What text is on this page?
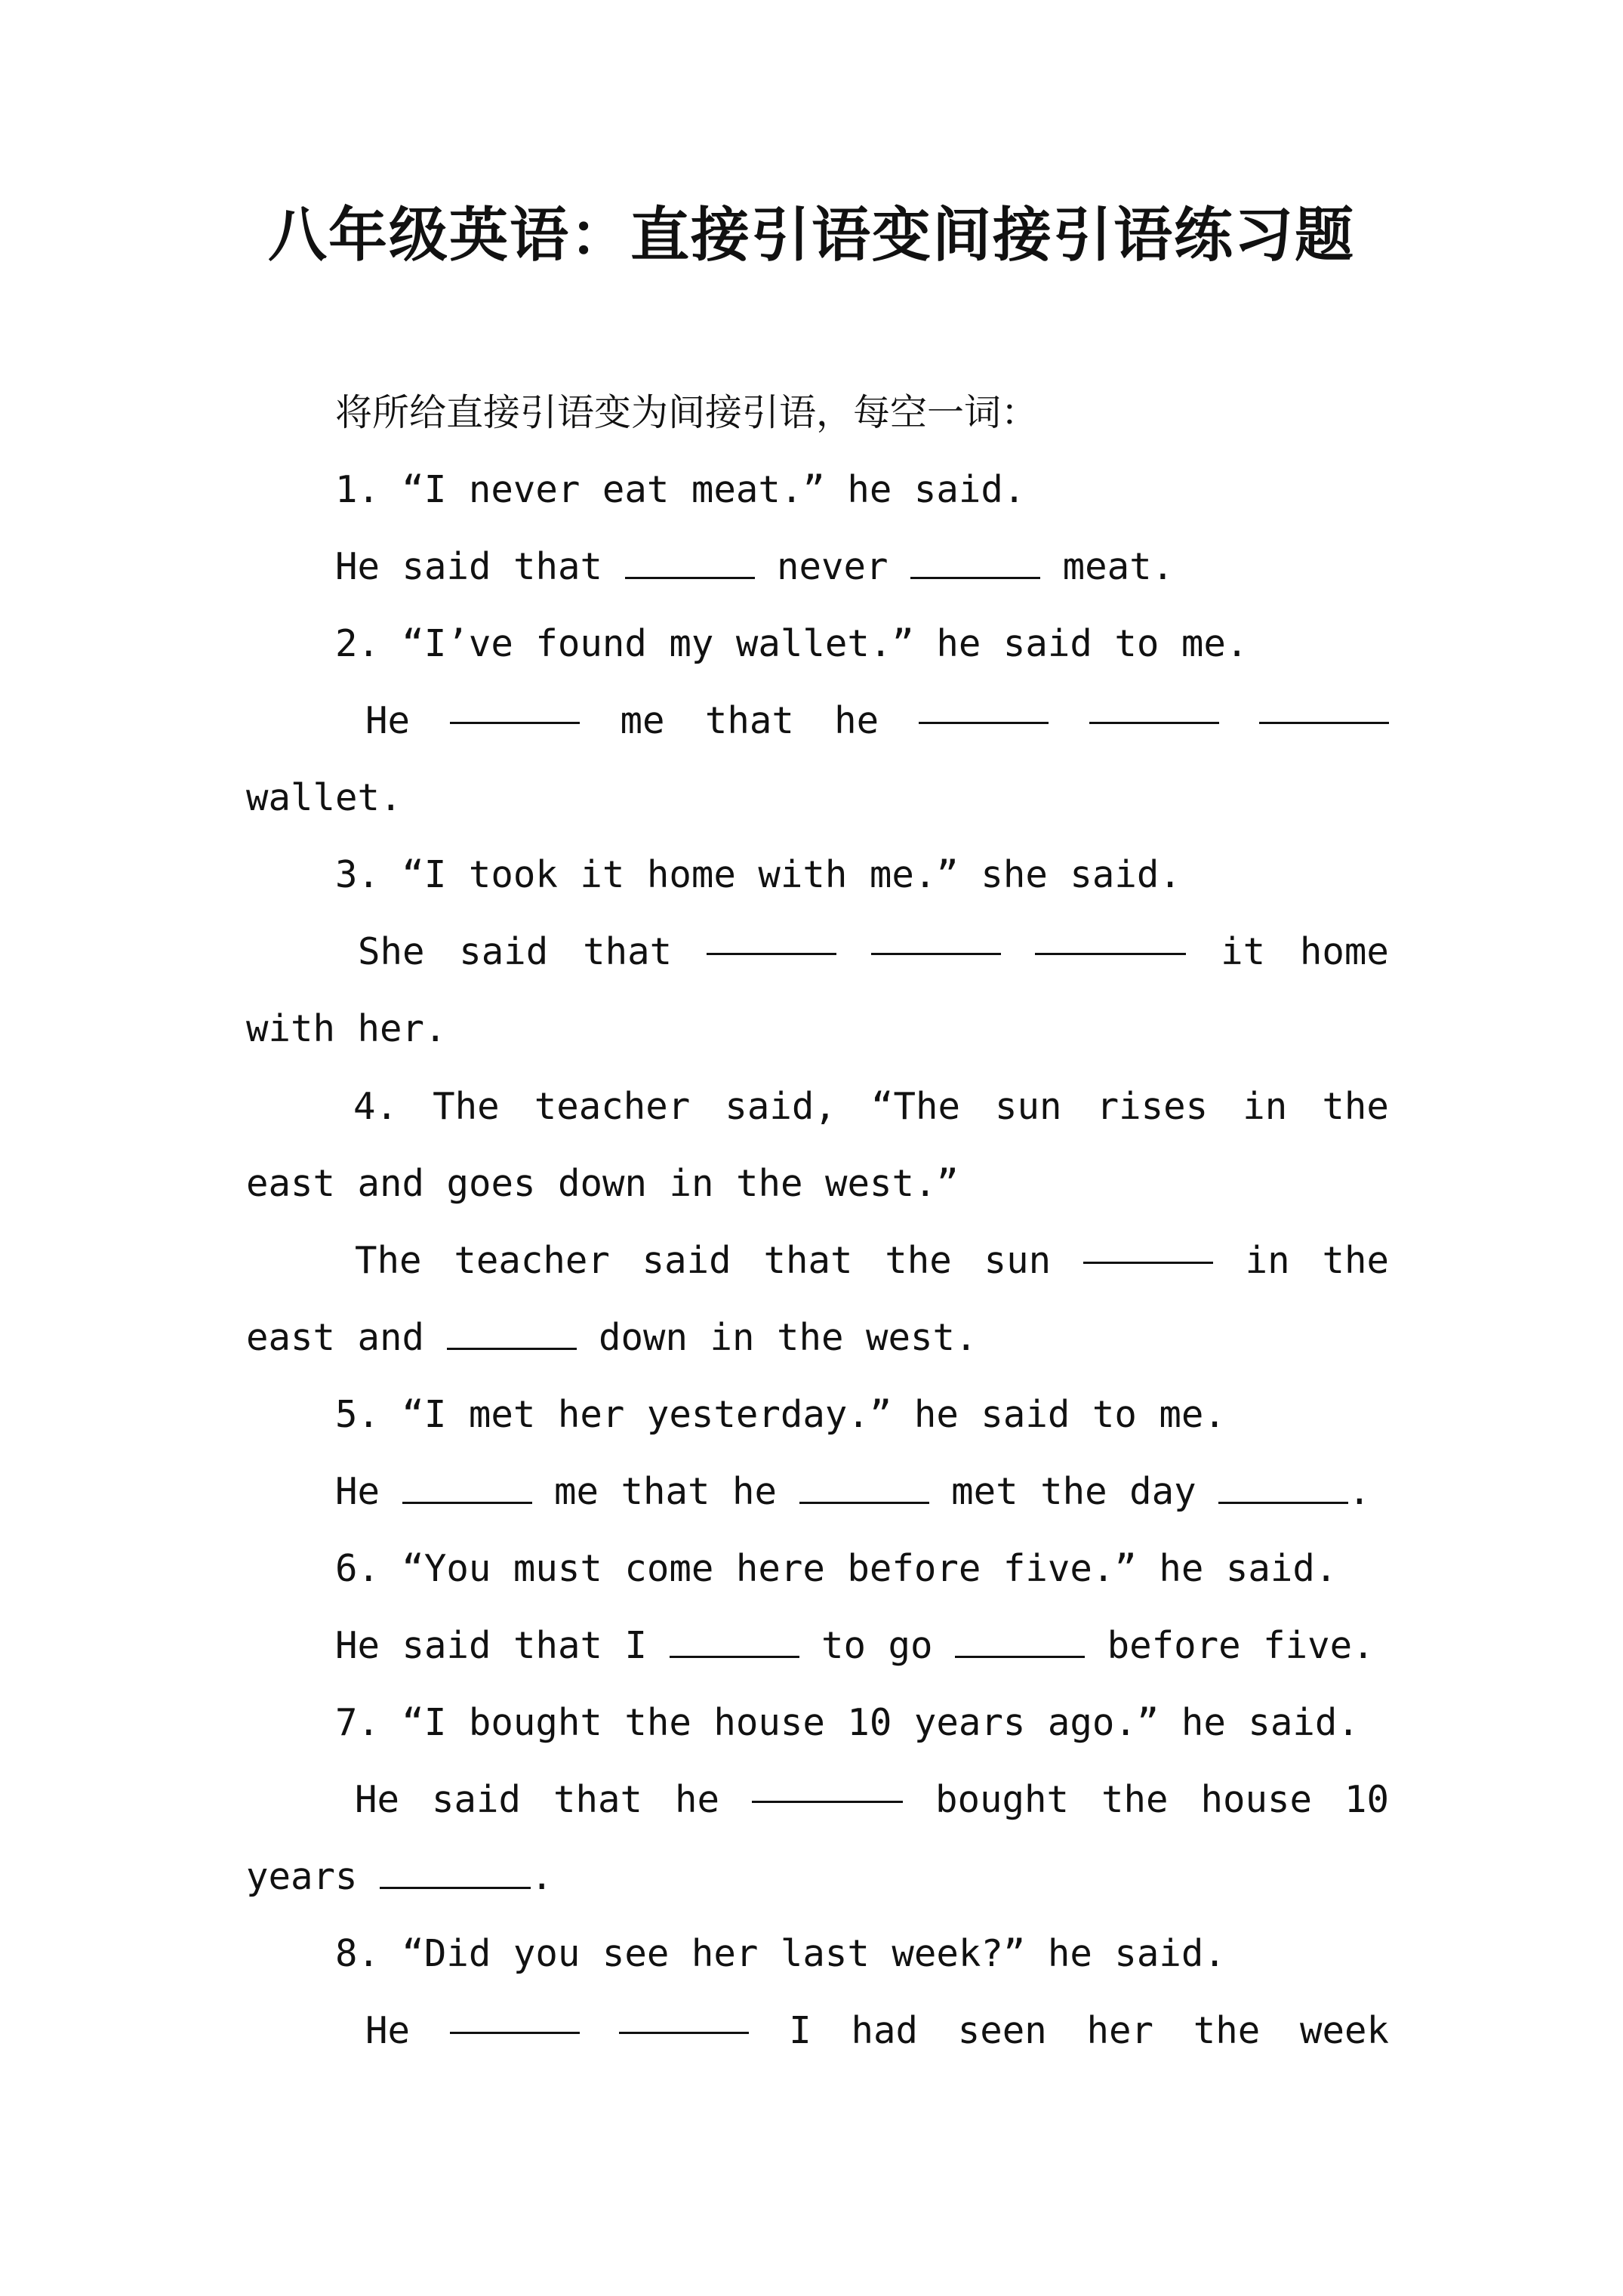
八年级英语：直接引语变间接引语练习题
将所给直接引语变为间接引语，每空一词：
1. “I never eat meat.” he said.
He said that	never	meat.
2. “I’ve found my wallet.” he said to me.
He	me that he
wallet.
3. “I took it home with me.” she said.
She said that	it home
with her.
4. The teacher said, “The sun rises in the
east and goes down in the west.”
The teacher said that the sun	in the
east and	down in the west.
5. “I met her yesterday.” he said to me.
He	me that he	met the day	.
6. “You must come here before five.” he said.
He said that I	to go	before five.
7. “I bought the house 10 years ago.” he said.
He said that he	bought the house 10
years	.
8. “Did you see her last week?” he said.
He	I had seen her the week
